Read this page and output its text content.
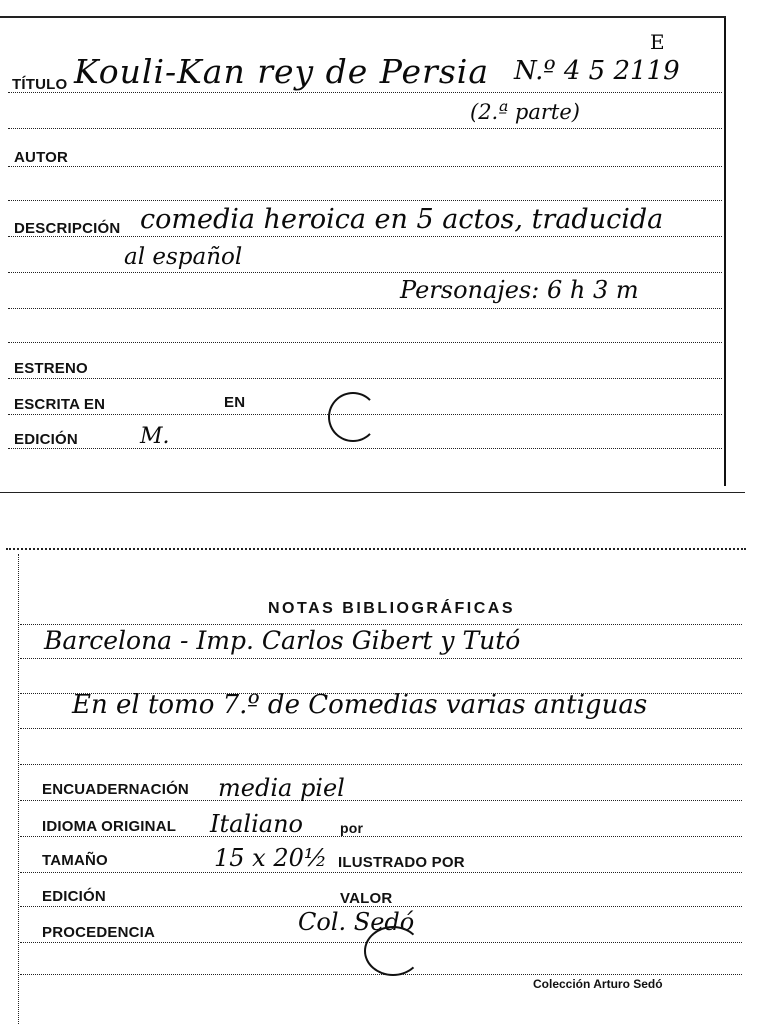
E
TÍTULO Kouli-Kan rey de Persia N.º 4 5 2119
(2.ª parte)
AUTOR
DESCRIPCIÓN comedia heroica en 5 actos, traducida
al español
Personajes: 6 h 3 m
ESTRENO
ESCRITA EN	EN
EDICIÓN	M.
NOTAS BIBLIOGRÁFICAS
Barcelona - Imp. Carlos Gibert y Tutó
En el tomo 7.º de Comedias varias antiguas
ENCUADERNACIÓN media piel
IDIOMA ORIGINAL Italiano	por
TAMAÑO	15 x 20½ ILUSTRADO POR
EDICIÓN	VALOR
PROCEDENCIA	Col. Sedó
Colección Arturo Sedó
